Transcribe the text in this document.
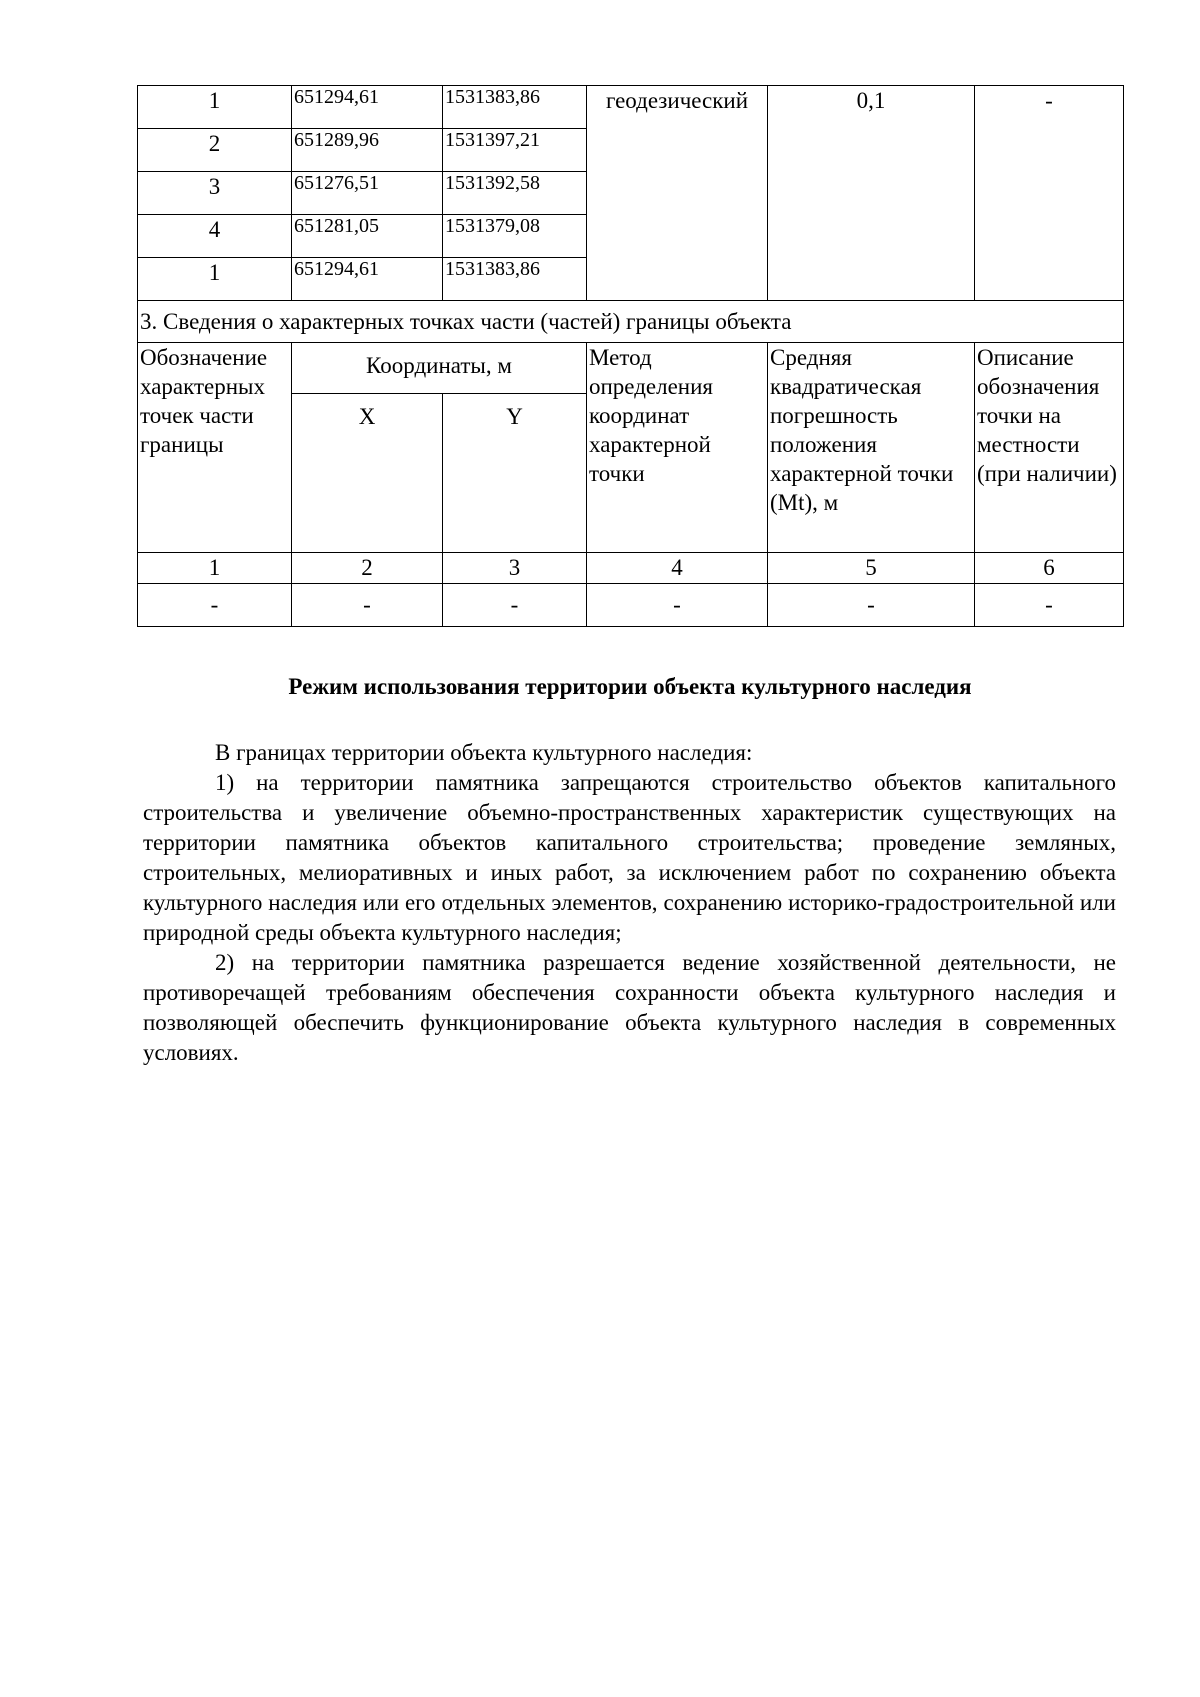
1	651294,61	1531383,86	геодезический	0,1	-
2	651289,96	1531397,21			
3	651276,51	1531392,58			
4	651281,05	1531379,08			
1	651294,61	1531383,86			
3. Сведения о характерных точках части (частей) границы объекта					
Обозначение характерных точек части границы	Координаты, м		Метод определения координат характерной точки	Средняя квадратическая погрешность положения характерной точки (Mt), м	Описание обозначения точки на местности (при наличии)
	X	Y			
1	2	3	4	5	6
-	-	-	-	-	-
Режим использования территории объекта культурного наследия

В границах территории объекта культурного наследия:

1) на территории памятника запрещаются строительство объектов капитального строительства и увеличение объемно-пространственных характеристик существующих на территории памятника объектов капитального строительства; проведение земляных, строительных, мелиоративных и иных работ, за исключением работ по сохранению объекта культурного наследия или его отдельных элементов, сохранению историко-градостроительной или природной среды объекта культурного наследия;

2) на территории памятника разрешается ведение хозяйственной деятельности, не противоречащей требованиям обеспечения сохранности объекта культурного наследия и позволяющей обеспечить функционирование объекта культурного наследия в современных условиях.
